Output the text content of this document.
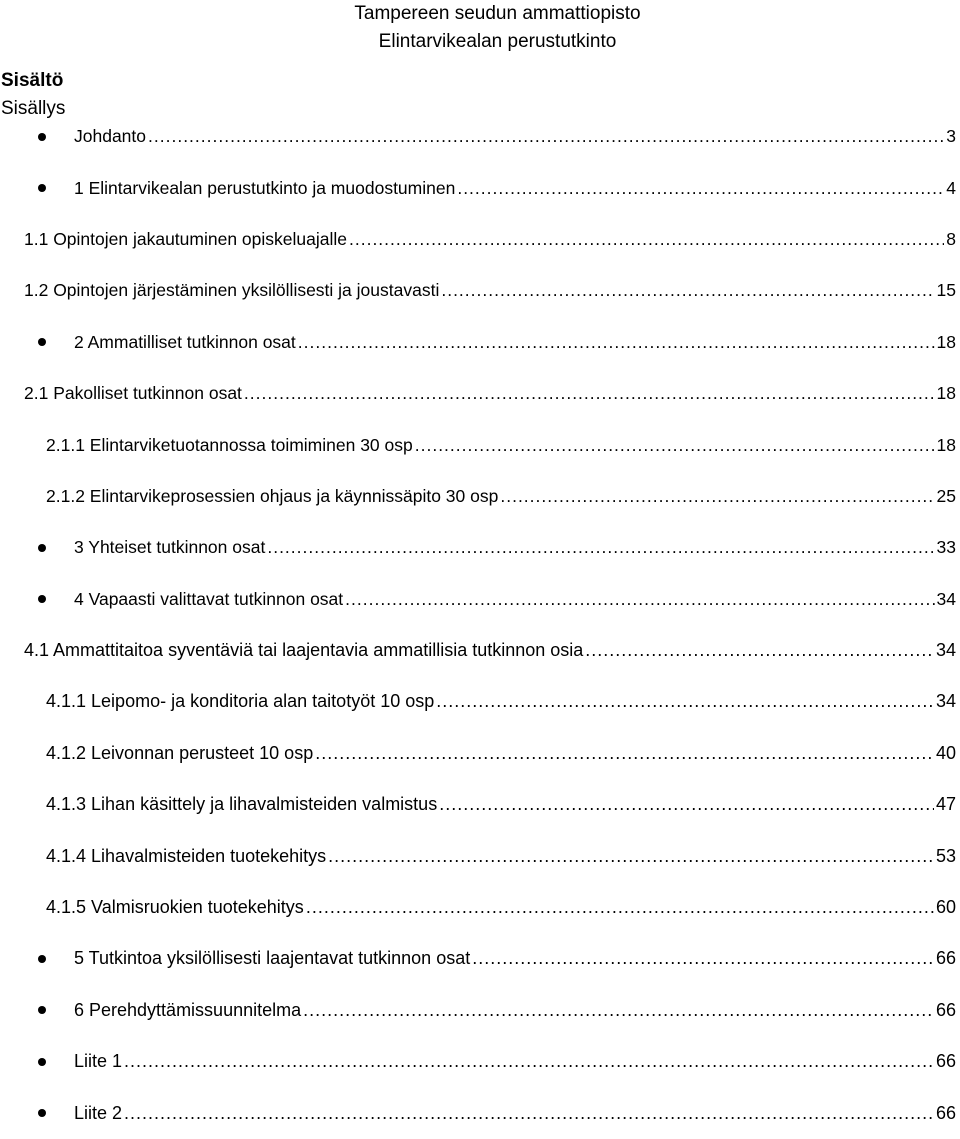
Tampereen seudun ammattiopisto
Elintarvikealan perustutkinto
Sisältö
Sisällys
Johdanto .....	3
1 Elintarvikealan perustutkinto ja muodostuminen .....	4
1.1 Opintojen jakautuminen opiskeluajalle .....	8
1.2 Opintojen järjestäminen yksilöllisesti ja joustavasti .....	15
2 Ammatilliset tutkinnon osat .....	18
2.1 Pakolliset tutkinnon osat .....	18
2.1.1 Elintarviketuotannossa toimiminen 30 osp .....	18
2.1.2 Elintarvikeprosessien ohjaus ja käynnissäpito 30 osp .....	25
3 Yhteiset tutkinnon osat .....	33
4 Vapaasti valittavat tutkinnon osat .....	34
4.1 Ammattitaitoa syventäviä tai laajentavia ammatillisia tutkinnon osia .....	34
4.1.1 Leipomo- ja konditoria alan taitotyöt 10 osp .....	34
4.1.2 Leivonnan perusteet 10 osp .....	40
4.1.3 Lihan käsittely ja lihavalmisteiden valmistus .....	47
4.1.4 Lihavalmisteiden tuotekehitys .....	53
4.1.5 Valmisruokien tuotekehitys .....	60
5 Tutkintoa yksilöllisesti laajentavat tutkinnon osat .....	66
6 Perehdyttämissuunnitelma .....	66
Liite 1 .....	66
Liite 2 .....	66
